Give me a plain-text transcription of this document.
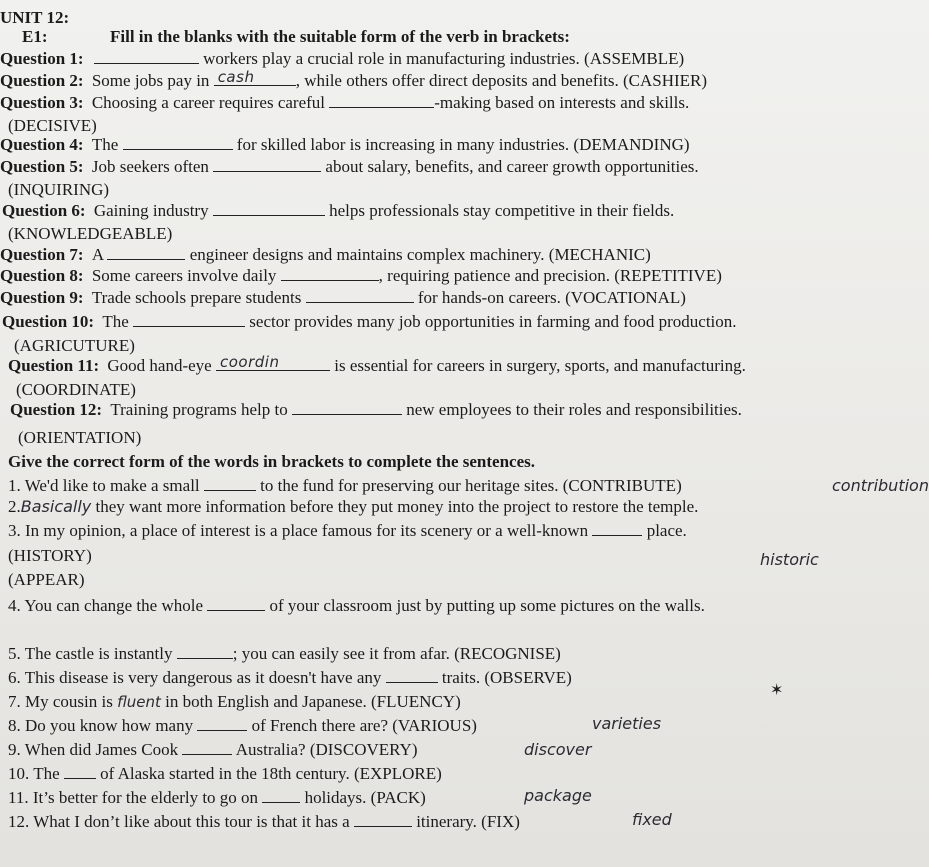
UNIT 12:
E1:	Fill in the blanks with the suitable form of the verb in brackets:
Question 1:	workers play a crucial role in manufacturing industries. (ASSEMBLE)
Question 2: Some jobs pay in cash , while others offer direct deposits and benefits. (CASHIER)
Question 3: Choosing a career requires careful	-making based on interests and skills.
(DECISIVE)
Question 4: The	for skilled labor is increasing in many industries. (DEMANDING)
Question 5: Job seekers often	about salary, benefits, and career growth opportunities.
(INQUIRING)
Question 6: Gaining industry	helps professionals stay competitive in their fields.
(KNOWLEDGEABLE)
Question 7: A	engineer designs and maintains complex machinery. (MECHANIC)
Question 8: Some careers involve daily	, requiring patience and precision. (REPETITIVE)
Question 9: Trade schools prepare students	for hands-on careers. (VOCATIONAL)
Question 10: The	sector provides many job opportunities in farming and food production.
(AGRICUTURE)
Question 11: Good hand-eye coordin	is essential for careers in surgery, sports, and manufacturing.
(COORDINATE)
Question 12: Training programs help to	new employees to their roles and responsibilities.
(ORIENTATION)
Give the correct form of the words in brackets to complete the sentences.
1. We'd like to make a small	to the fund for preserving our heritage sites. (CONTRIBUTE)	contribution
2.Basically they want more information before they put money into the project to restore the temple.
3. In my opinion, a place of interest is a place famous for its scenery or a well-known	place.
(HISTORY)	historic
(APPEAR)
4. You can change the whole	of your classroom just by putting up some pictures on the walls.
5. The castle is instantly	; you can easily see it from afar. (RECOGNISE)
6. This disease is very dangerous as it doesn't have any	traits. (OBSERVE)
7. My cousin is fluent in both English and Japanese. (FLUENCY)
✶
8. Do you know how many	of French there are? (VARIOUS)	varieties
9. When did James Cook	Australia? (DISCOVERY)	discover
10. The  of Alaska started in the 18th century. (EXPLORE)
11. It’s better for the elderly to go on  holidays. (PACK)	package
12. What I don’t like about this tour is that it has a	itinerary. (FIX)	fixed
